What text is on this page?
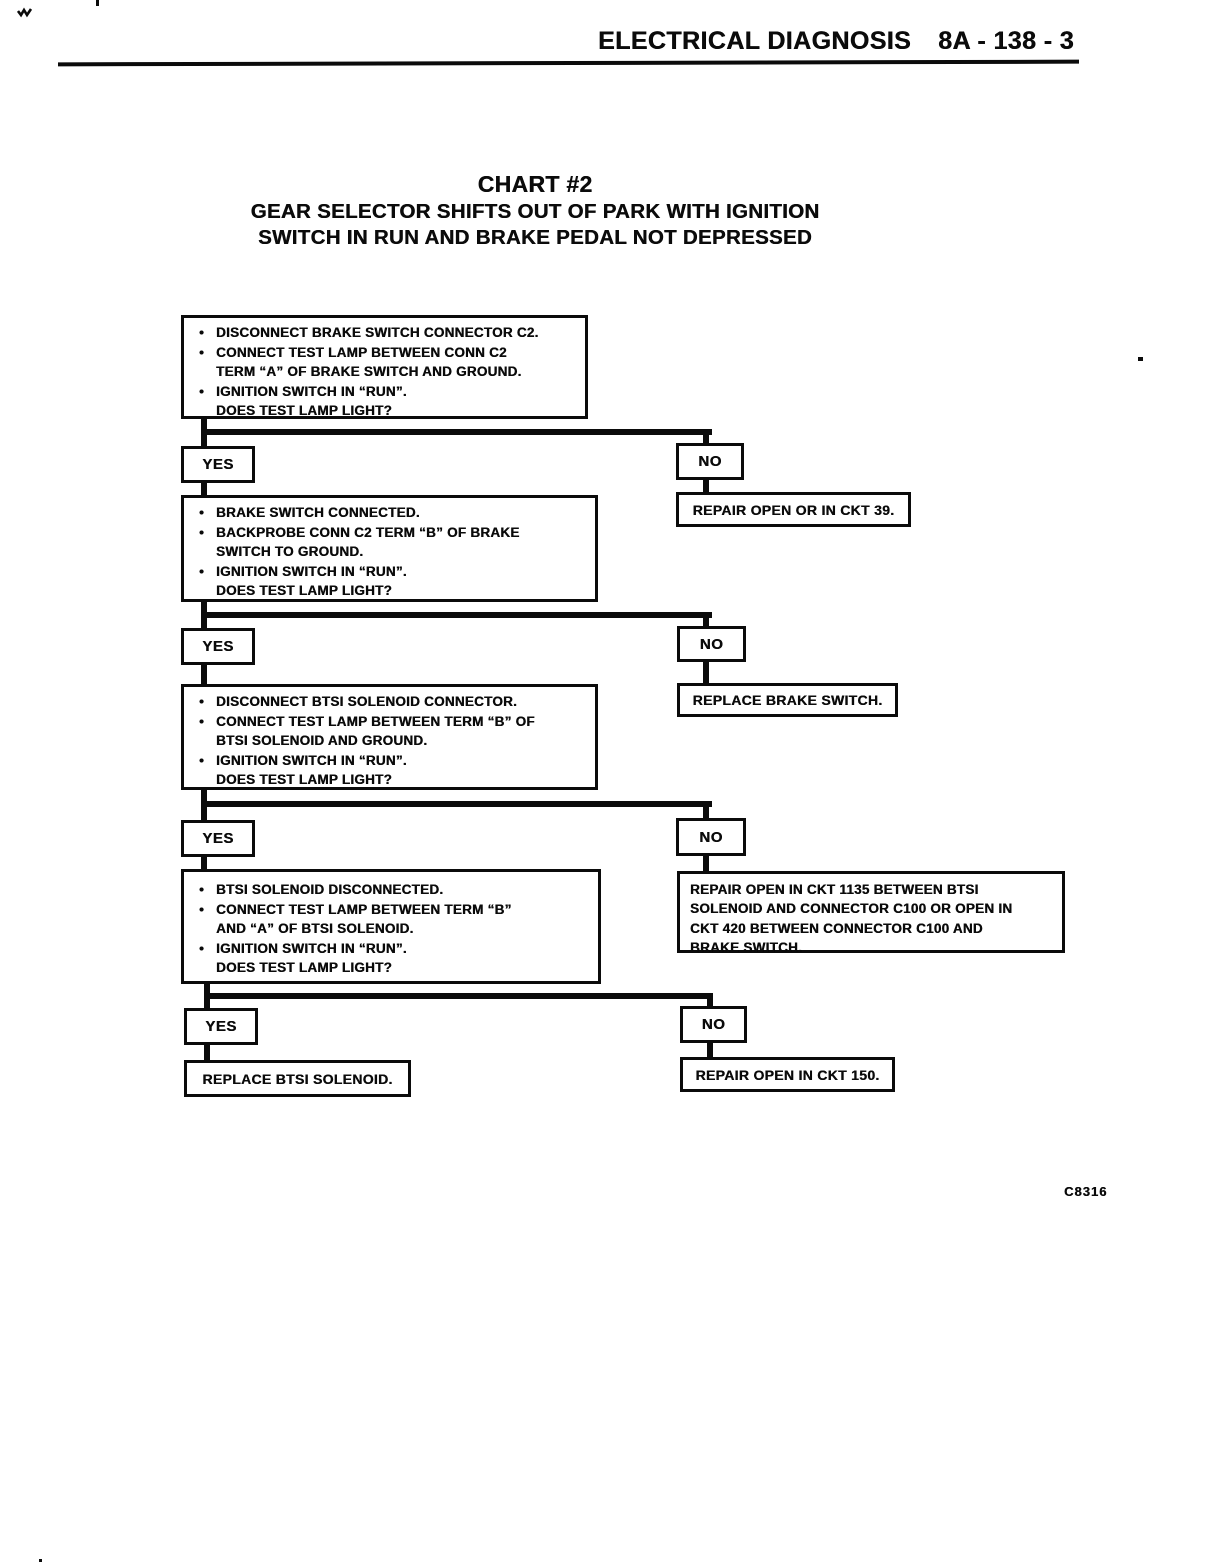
ELECTRICAL DIAGNOSIS 8A - 138 - 3
CHART #2
GEAR SELECTOR SHIFTS OUT OF PARK WITH IGNITION
SWITCH IN RUN AND BRAKE PEDAL NOT DEPRESSED
• DISCONNECT BRAKE SWITCH CONNECTOR C2.
• CONNECT TEST LAMP BETWEEN CONN C2
TERM “A” OF BRAKE SWITCH AND GROUND.
• IGNITION SWITCH IN “RUN”.
DOES TEST LAMP LIGHT?
YES	NO
REPAIR OPEN OR IN CKT 39.
• BRAKE SWITCH CONNECTED.
• BACKPROBE CONN C2 TERM “B” OF BRAKE
SWITCH TO GROUND.
• IGNITION SWITCH IN “RUN”.
DOES TEST LAMP LIGHT?
YES	NO
REPLACE BRAKE SWITCH.
• DISCONNECT BTSI SOLENOID CONNECTOR.
• CONNECT TEST LAMP BETWEEN TERM “B” OF
BTSI SOLENOID AND GROUND.
• IGNITION SWITCH IN “RUN”.
DOES TEST LAMP LIGHT?
YES	NO
REPAIR OPEN IN CKT 1135 BETWEEN BTSI
SOLENOID AND CONNECTOR C100 OR OPEN IN
CKT 420 BETWEEN CONNECTOR C100 AND
BRAKE SWITCH.
• BTSI SOLENOID DISCONNECTED.
• CONNECT TEST LAMP BETWEEN TERM “B”
AND “A” OF BTSI SOLENOID.
• IGNITION SWITCH IN “RUN”.
DOES TEST LAMP LIGHT?
YES	NO
REPLACE BTSI SOLENOID.	REPAIR OPEN IN CKT 150.
C8316
